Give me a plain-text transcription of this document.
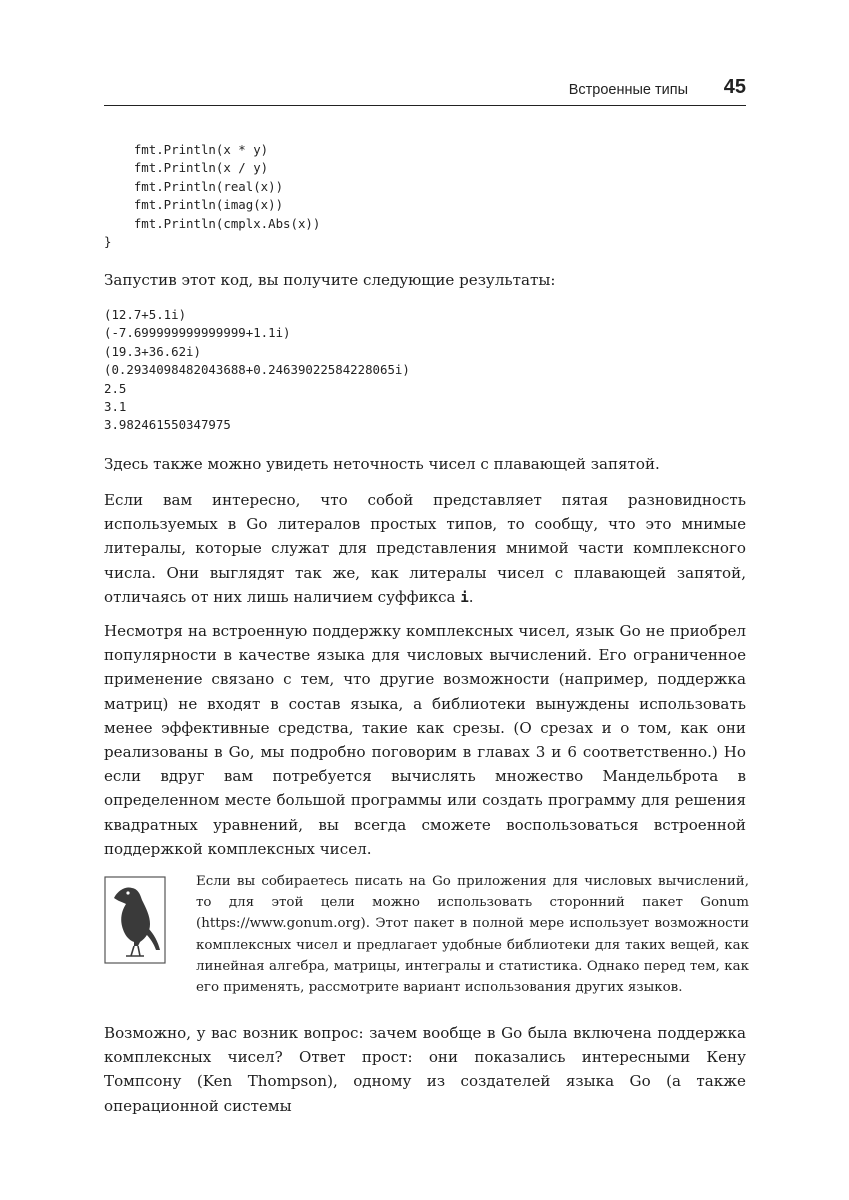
Встроенные типы 45
fmt.Println(x * y)
fmt.Println(x / y)
fmt.Println(real(x))
fmt.Println(imag(x))
fmt.Println(cmplx.Abs(x))
}

Запустив этот код, вы получите следующие результаты:

(12.7+5.1i)
(-7.699999999999999+1.1i)
(19.3+36.62i)
(0.2934098482043688+0.24639022584228065i)
2.5
3.1
3.982461550347975

Здесь также можно увидеть неточность чисел с плавающей запятой.

Если вам интересно, что собой представляет пятая разновидность используемых в Go литералов простых типов, то сообщу, что это мнимые литералы, которые служат для представления мнимой части комплексного числа. Они выглядят так же, как литералы чисел с плавающей запятой, отличаясь от них лишь наличием суффикса i.

Несмотря на встроенную поддержку комплексных чисел, язык Go не приобрел популярности в качестве языка для числовых вычислений. Его ограниченное применение связано с тем, что другие возможности (например, поддержка матриц) не входят в состав языка, а библиотеки вынуждены использовать менее эффективные средства, такие как срезы. (О срезах и о том, как они реализованы в Go, мы подробно поговорим в главах 3 и 6 соответственно.) Но если вдруг вам потребуется вычислять множество Мандельброта в определенном месте большой программы или создать программу для решения квадратных уравнений, вы всегда сможете воспользоваться встроенной поддержкой комплексных чисел.

Если вы собираетесь писать на Go приложения для числовых вычислений, то для этой цели можно использовать сторонний пакет Gonum (https://www.gonum.org). Этот пакет в полной мере использует возможности комплексных чисел и предлагает удобные библиотеки для таких вещей, как линейная алгебра, матрицы, интегралы и статистика. Однако перед тем, как его применять, рассмотрите вариант использования других языков.

Возможно, у вас возник вопрос: зачем вообще в Go была включена поддержка комплексных чисел? Ответ прост: они показались интересными Кену Томпсону (Ken Thompson), одному из создателей языка Go (а также операционной системы
